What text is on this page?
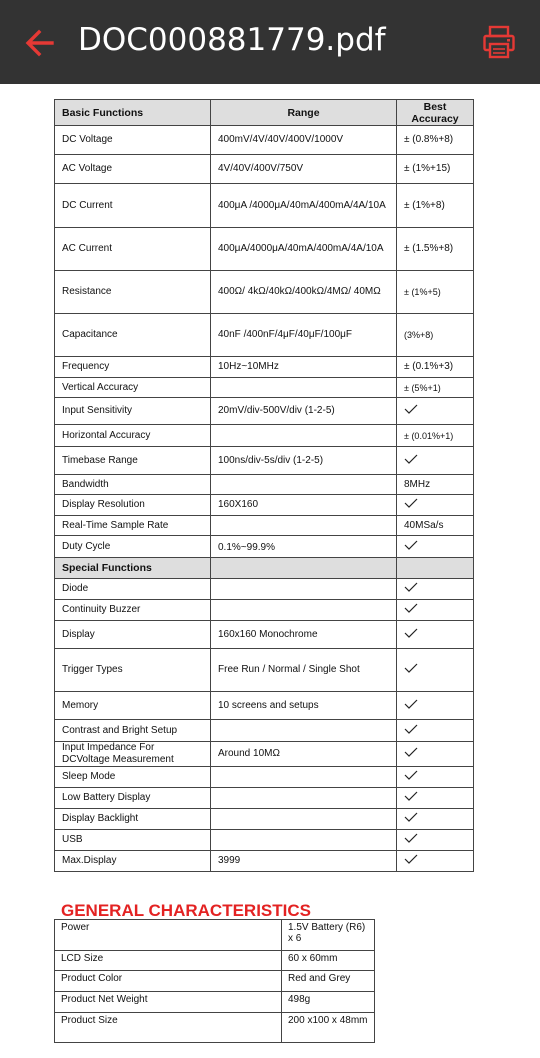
DOC000881779.pdf
Basic Functions	Range	Best Accuracy
DC Voltage	400mV/4V/40V/400V/1000V	± (0.8%+8)
AC Voltage	4V/40V/400V/750V	± (1%+15)
DC Current	400μA /4000μA/40mA/400mA/4A/10A	± (1%+8)
AC Current	400μA/4000μA/40mA/400mA/4A/10A	± (1.5%+8)
Resistance	400Ω/ 4kΩ/40kΩ/400kΩ/4MΩ/ 40MΩ	± (1%+5)
Capacitance	40nF /400nF/4μF/40μF/100μF	(3%+8)
Frequency	10Hz~10MHz	± (0.1%+3)
Vertical Accuracy		± (5%+1)
Input Sensitivity	20mV/div-500V/div (1-2-5)	
Horizontal Accuracy		± (0.01%+1)
Timebase Range	100ns/div-5s/div (1-2-5)	
Bandwidth		8MHz
Display Resolution	160X160	
Real-Time Sample Rate		40MSa/s
Duty Cycle	0.1%~99.9%	
Special Functions		
Diode		
Continuity Buzzer		
Display	160x160 Monochrome	
Trigger Types	Free Run / Normal / Single Shot	
Memory	10 screens and setups	
Contrast and Bright Setup		
Input Impedance For DCVoltage Measurement	Around 10MΩ	
Sleep Mode		
Low Battery Display		
Display Backlight		
USB		
Max.Display	3999	
GENERAL CHARACTERISTICS
Power	1.5V Battery (R6) x 6
LCD Size	60 x 60mm
Product Color	Red and Grey
Product Net Weight	498g
Product Size	200 x100 x 48mm
